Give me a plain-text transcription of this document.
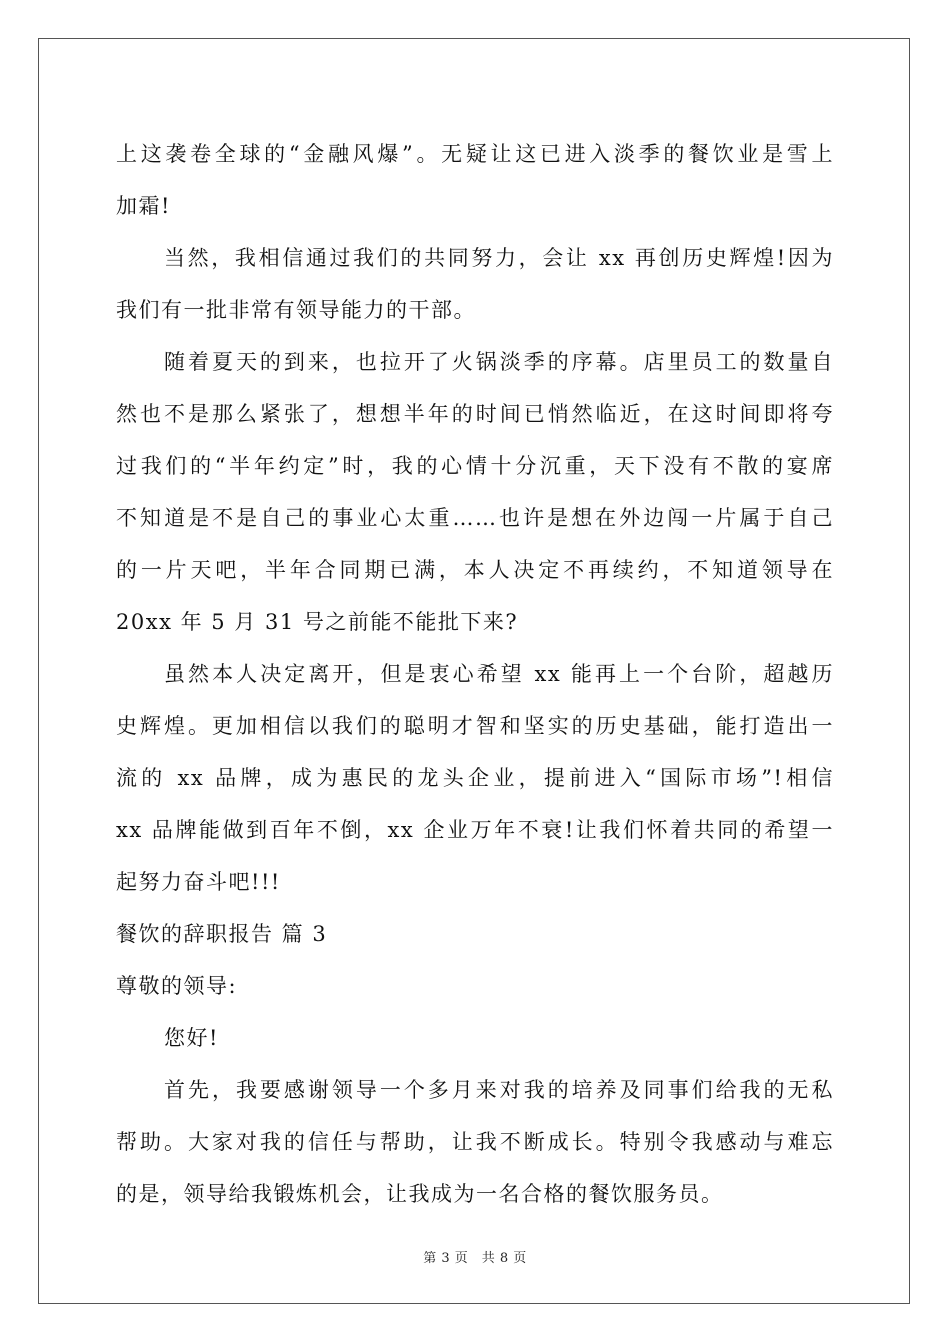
上这袭卷全球的“金融风爆”。无疑让这已进入淡季的餐饮业是雪上
加霜!
当然，我相信通过我们的共同努力，会让 xx 再创历史辉煌!因为
我们有一批非常有领导能力的干部。
随着夏天的到来，也拉开了火锅淡季的序幕。店里员工的数量自
然也不是那么紧张了，想想半年的时间已悄然临近，在这时间即将夸
过我们的“半年约定”时，我的心情十分沉重，天下没有不散的宴席
不知道是不是自己的事业心太重……也许是想在外边闯一片属于自己
的一片天吧，半年合同期已满，本人决定不再续约，不知道领导在
20xx 年 5 月 31 号之前能不能批下来?
虽然本人决定离开，但是衷心希望 xx 能再上一个台阶，超越历
史辉煌。更加相信以我们的聪明才智和坚实的历史基础，能打造出一
流的 xx 品牌，成为惠民的龙头企业，提前进入“国际市场”!相信
xx 品牌能做到百年不倒，xx 企业万年不衰!让我们怀着共同的希望一
起努力奋斗吧!!!
餐饮的辞职报告 篇 3
尊敬的领导:
您好!
首先，我要感谢领导一个多月来对我的培养及同事们给我的无私
帮助。大家对我的信任与帮助，让我不断成长。特别令我感动与难忘
的是，领导给我锻炼机会，让我成为一名合格的餐饮服务员。
第 3 页　共 8 页
